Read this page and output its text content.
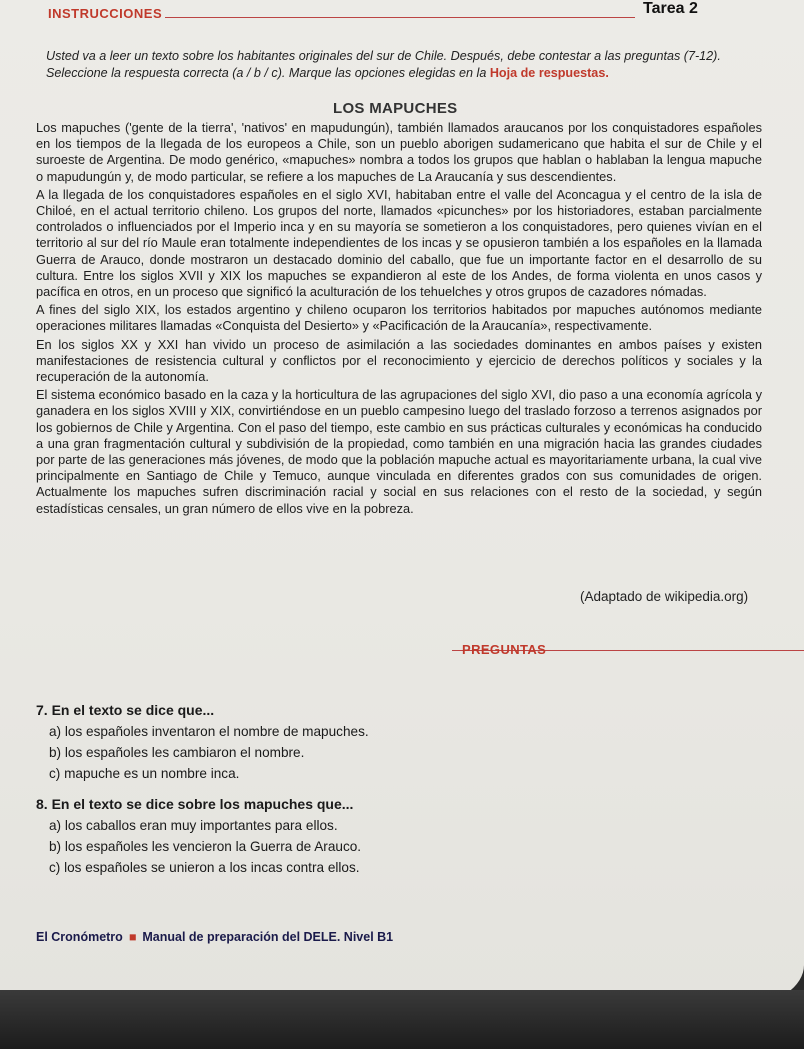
INSTRUCCIONES	Tarea 2
Usted va a leer un texto sobre los habitantes originales del sur de Chile. Después, debe contestar a las preguntas (7-12). Seleccione la respuesta correcta (a / b / c). Marque las opciones elegidas en la Hoja de respuestas.
LOS MAPUCHES

Los mapuches ('gente de la tierra', 'nativos' en mapudungún), también llamados araucanos por los conquistadores españoles en los tiempos de la llegada de los europeos a Chile, son un pueblo aborigen sudamericano que habita el sur de Chile y el suroeste de Argentina. De modo genérico, «mapuches» nombra a todos los grupos que hablan o hablaban la lengua mapuche o mapudungún y, de modo particular, se refiere a los mapuches de La Araucanía y sus descendientes.

A la llegada de los conquistadores españoles en el siglo XVI, habitaban entre el valle del Aconcagua y el centro de la isla de Chiloé, en el actual territorio chileno. Los grupos del norte, llamados «picunches» por los historiadores, estaban parcialmente controlados o influenciados por el Imperio inca y en su mayoría se sometieron a los conquistadores, pero quienes vivían en el territorio al sur del río Maule eran totalmente independientes de los incas y se opusieron también a los españoles en la llamada Guerra de Arauco, donde mostraron un destacado dominio del caballo, que fue un importante factor en el desarrollo de su cultura. Entre los siglos XVII y XIX los mapuches se expandieron al este de los Andes, de forma violenta en unos casos y pacífica en otros, en un proceso que significó la aculturación de los tehuelches y otros grupos de cazadores nómadas.

A fines del siglo XIX, los estados argentino y chileno ocuparon los territorios habitados por mapuches autónomos mediante operaciones militares llamadas «Conquista del Desierto» y «Pacificación de la Araucanía», respectivamente.

En los siglos XX y XXI han vivido un proceso de asimilación a las sociedades dominantes en ambos países y existen manifestaciones de resistencia cultural y conflictos por el reconocimiento y ejercicio de derechos políticos y sociales y la recuperación de la autonomía.

El sistema económico basado en la caza y la horticultura de las agrupaciones del siglo XVI, dio paso a una economía agrícola y ganadera en los siglos XVIII y XIX, convirtiéndose en un pueblo campesino luego del traslado forzoso a terrenos asignados por los gobiernos de Chile y Argentina. Con el paso del tiempo, este cambio en sus prácticas culturales y económicas ha conducido a una gran fragmentación cultural y subdivisión de la propiedad, como también en una migración hacia las grandes ciudades por parte de las generaciones más jóvenes, de modo que la población mapuche actual es mayoritariamente urbana, la cual vive principalmente en Santiago de Chile y Temuco, aunque vinculada en diferentes grados con sus comunidades de origen. Actualmente los mapuches sufren discriminación racial y social en sus relaciones con el resto de la sociedad, y según estadísticas censales, un gran número de ellos vive en la pobreza.

(Adaptado de wikipedia.org)
PREGUNTAS
7. En el texto se dice que...
a) los españoles inventaron el nombre de mapuches.
b) los españoles les cambiaron el nombre.
c) mapuche es un nombre inca.
8. En el texto se dice sobre los mapuches que...
a) los caballos eran muy importantes para ellos.
b) los españoles les vencieron la Guerra de Arauco.
c) los españoles se unieron a los incas contra ellos.
El Cronómetro ■ Manual de preparación del DELE. Nivel B1
